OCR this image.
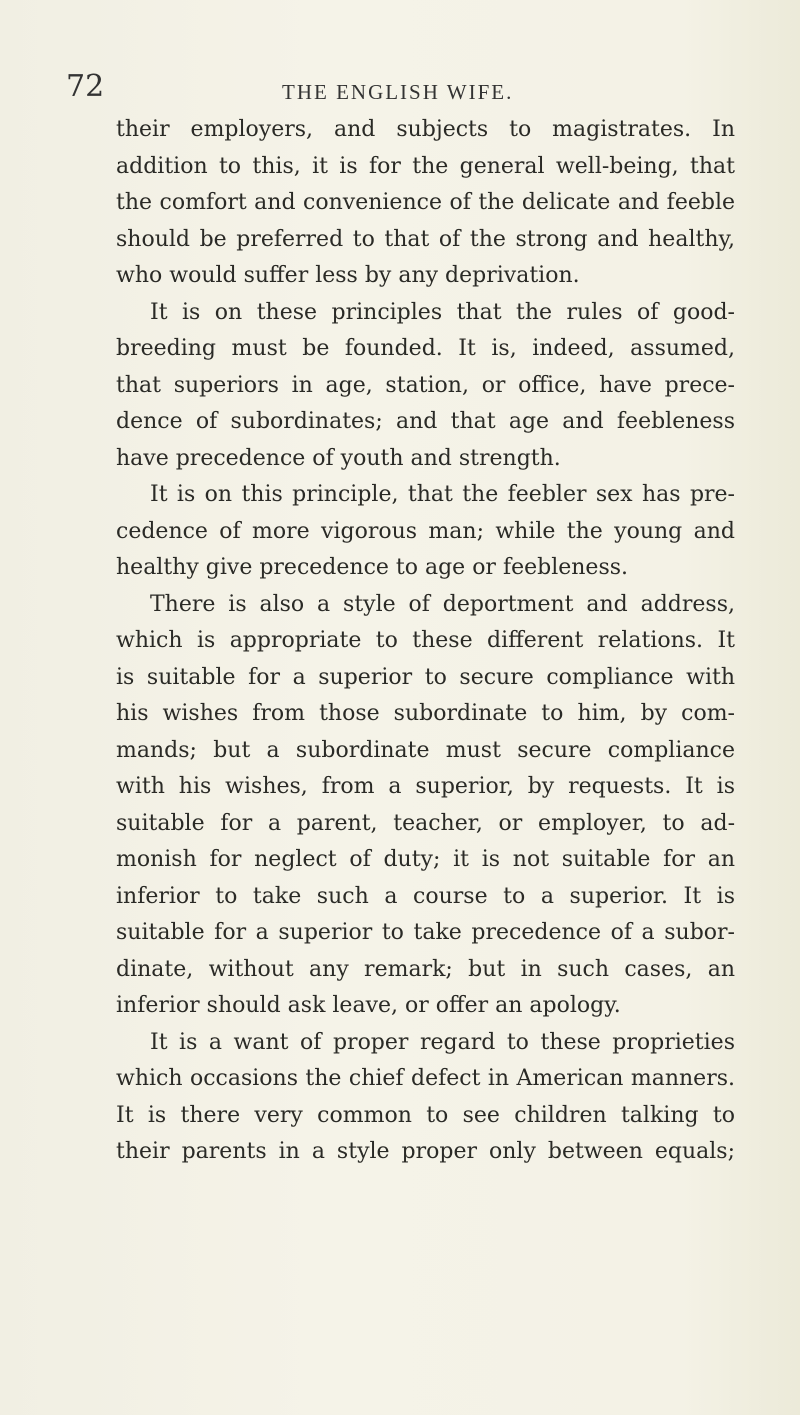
72	THE ENGLISH WIFE.
their employers, and subjects to magistrates. In
addition to this, it is for the general well-being, that
the comfort and convenience of the delicate and feeble
should be preferred to that of the strong and healthy,
who would suffer less by any deprivation.
It is on these principles that the rules of good-
breeding must be founded. It is, indeed, assumed,
that superiors in age, station, or office, have prece-
dence of subordinates; and that age and feebleness
have precedence of youth and strength.
It is on this principle, that the feebler sex has pre-
cedence of more vigorous man; while the young and
healthy give precedence to age or feebleness.
There is also a style of deportment and address,
which is appropriate to these different relations. It
is suitable for a superior to secure compliance with
his wishes from those subordinate to him, by com-
mands; but a subordinate must secure compliance
with his wishes, from a superior, by requests. It is
suitable for a parent, teacher, or employer, to ad-
monish for neglect of duty; it is not suitable for an
inferior to take such a course to a superior. It is
suitable for a superior to take precedence of a subor-
dinate, without any remark; but in such cases, an
inferior should ask leave, or offer an apology.
It is a want of proper regard to these proprieties
which occasions the chief defect in American manners.
It is there very common to see children talking to
their parents in a style proper only between equals;
